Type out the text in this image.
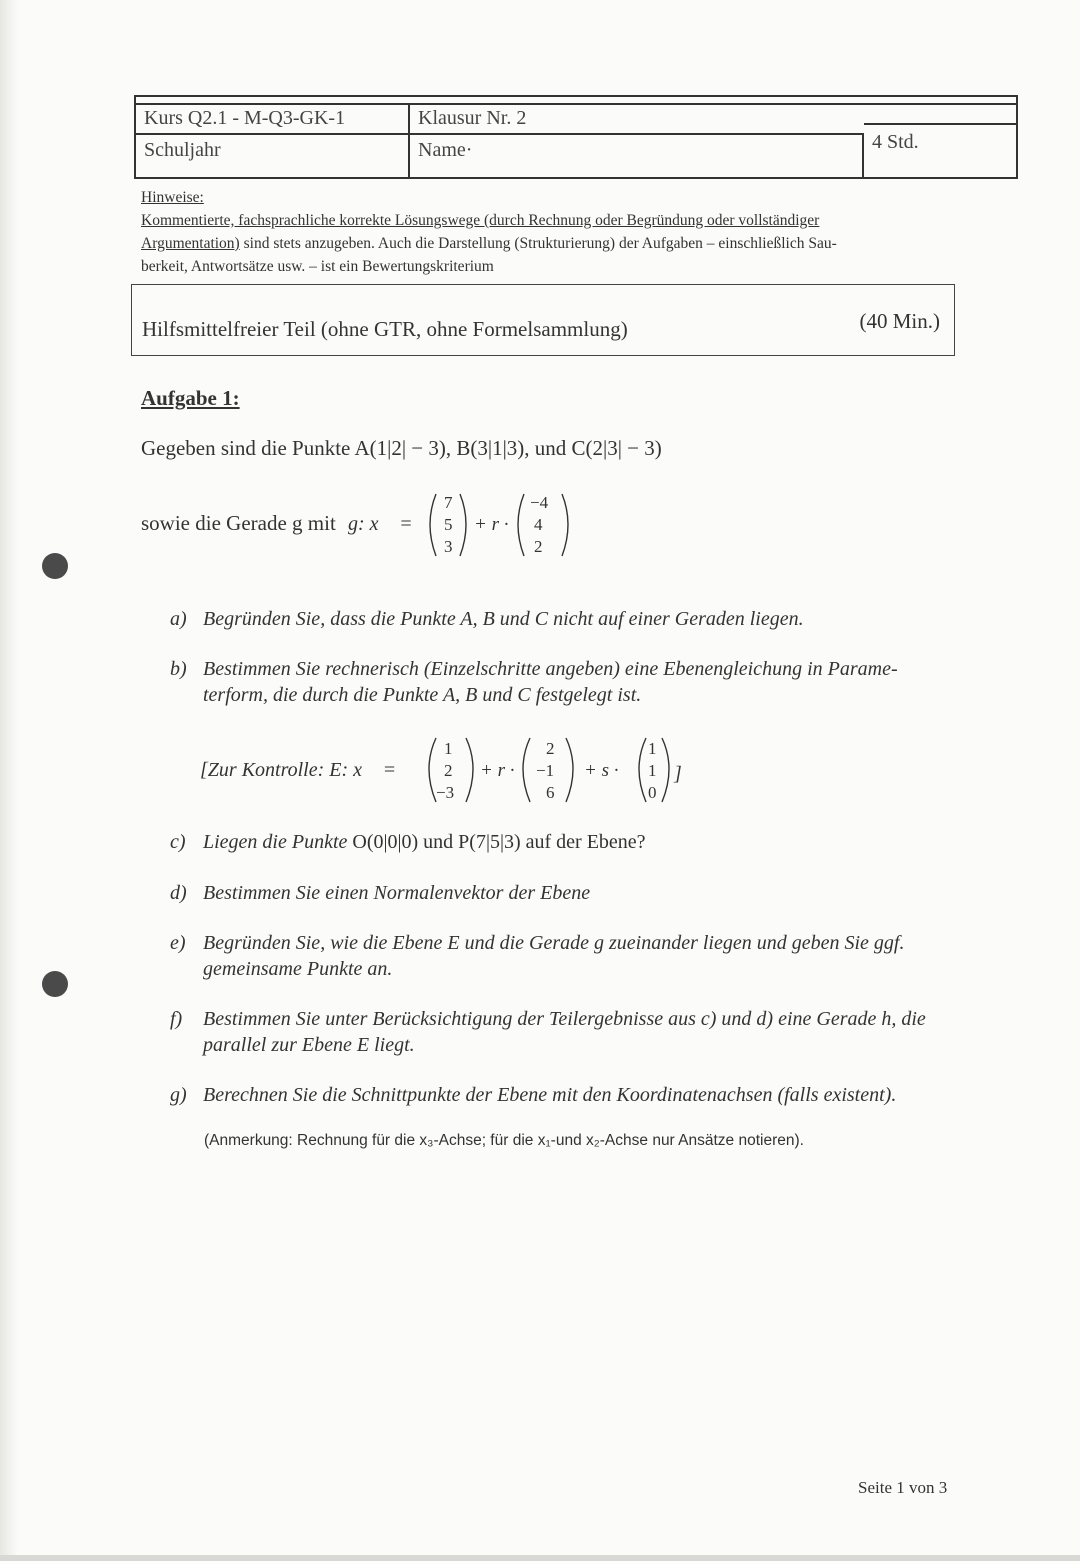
Kurs Q2.1 - M-Q3-GK-1
Schuljahr
Klausur Nr. 2
Name·	4 Std.
Hinweise:
Kommentierte, fachsprachliche korrekte Lösungswege (durch Rechnung oder Begründung oder vollständiger
Argumentation) sind stets anzugeben. Auch die Darstellung (Strukturierung) der Aufgaben – einschließlich Sau-
berkeit, Antwortsätze usw. – ist ein Bewertungskriterium
Hilfsmittelfreier Teil (ohne GTR, ohne Formelsammlung)	(40 Min.)
Aufgabe 1:
Gegeben sind die Punkte A(1|2| − 3), B(3|1|3), und C(2|3| − 3)
sowie die Gerade g mit g: x⃗ =
7
5
3
+ r ·
−4
4
2
a) Begründen Sie, dass die Punkte A, B und C nicht auf einer Geraden liegen.
b) Bestimmen Sie rechnerisch (Einzelschritte angeben) eine Ebenengleichung in Parame-terform, die durch die Punkte A, B und C festgelegt ist.
[Zur Kontrolle: E: x⃗ =
1
2
−3
+ r ·
2
−1
6
+ s ·
1
1
0
]
c) Liegen die Punkte O(0|0|0) und P(7|5|3) auf der Ebene?
d) Bestimmen Sie einen Normalenvektor der Ebene
e) Begründen Sie, wie die Ebene E und die Gerade g zueinander liegen und geben Sie ggf. gemeinsame Punkte an.
f) Bestimmen Sie unter Berücksichtigung der Teilergebnisse aus c) und d) eine Gerade h, die parallel zur Ebene E liegt.
g) Berechnen Sie die Schnittpunkte der Ebene mit den Koordinatenachsen (falls existent).
(Anmerkung: Rechnung für die x₃-Achse; für die x₁-und x₂-Achse nur Ansätze notieren).
Seite 1 von 3
